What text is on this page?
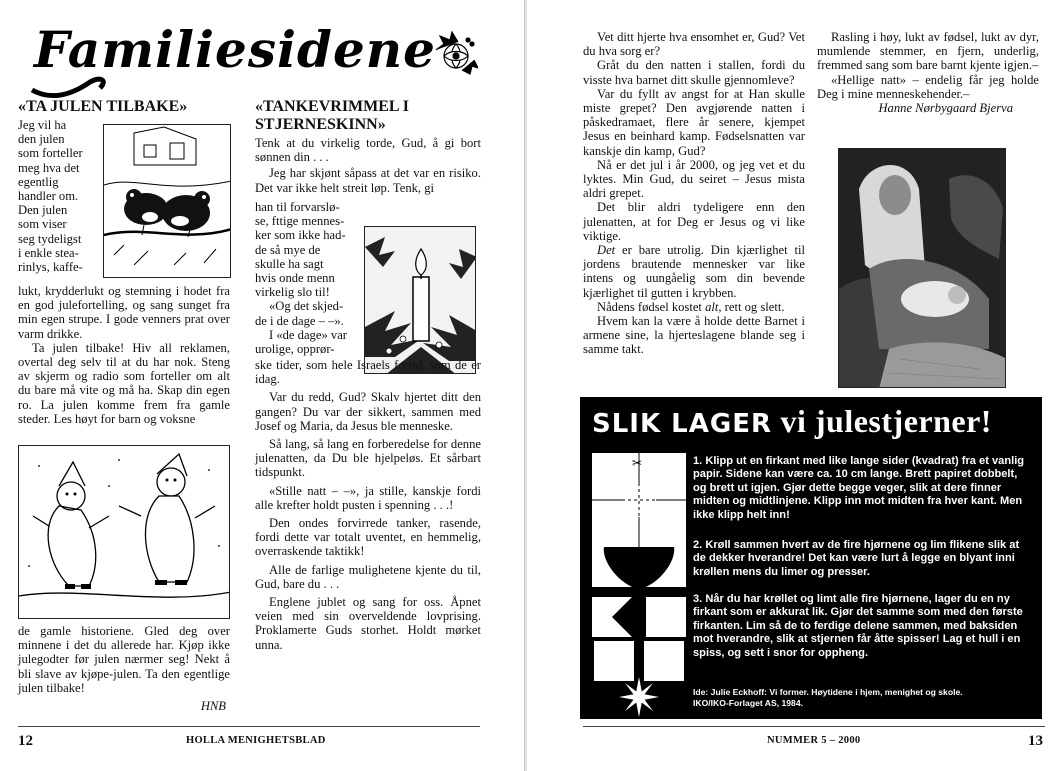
Familiesidene
«TA JULEN TILBAKE»
Jeg vil ha
den julen
som forteller
meg hva det
egentlig
handler om.
Den julen
som viser
seg tydeligst
i enkle stea-
rinlys, kaffe-

lukt, krydderlukt og stemning i hodet fra en god julefortelling, og sang sunget fra min egen strupe. I gode venners prat over varm drikke.

Ta julen tilbake! Hiv all reklamen, overtal deg selv til at du har nok. Steng av skjerm og radio som forteller om alt du bare må vite og må ha. Skap din egen ro. La julen komme frem fra gamle steder. Les høyt for barn og voksne

de gamle historiene. Gled deg over minnene i det du allerede har. Kjøp ikke julegodter før julen nærmer seg! Nekt å bli slave av kjøpe-julen. Ta den egentlige julen tilbake!

HNB
«TANKEVRIMMEL I STJERNESKINN»

Tenk at du virkelig torde, Gud, å gi bort sønnen din . . .

Jeg har skjønt såpass at det var en risiko. Det var ikke helt streit løp. Tenk, gi

han til forvarslø-
se, fttige mennes-
ker som ikke had-
de så mye de
skulle ha sagt
hvis onde menn
virkelig slo til!
«Og det skjed-
de i de dage – –».
I «de dage» var
urolige, opprør-

ske tider, som hele Israels fortid, som de er idag.

Var du redd, Gud? Skalv hjertet ditt den gangen? Du var der sikkert, sammen med Josef og Maria, da Jesus ble menneske.

Så lang, så lang en forberedelse for denne julenatten, da Du ble hjelpeløs. Et sårbart tidspunkt.

«Stille natt – –», ja stille, kanskje fordi alle krefter holdt pusten i spenning . . .!

Den ondes forvirrede tanker, rasende, fordi dette var totalt uventet, en hemmelig, overraskende taktikk!

Alle de farlige mulighetene kjente du til, Gud, bare du . . .

Englene jublet og sang for oss. Åpnet veien med sin overveldende lovprising. Proklamerte Guds storhet. Holdt mørket unna.

12	HOLLA MENIGHETSBLAD

Vet ditt hjerte hva ensomhet er, Gud? Vet du hva sorg er?

Gråt du den natten i stallen, fordi du visste hva barnet ditt skulle gjennomleve?

Var du fyllt av angst for at Han skulle miste grepet? Den avgjørende natten i påskedramaet, flere år senere, kjempet Jesus en beinhard kamp. Fødselsnatten var kanskje din kamp, Gud?

Nå er det jul i år 2000, og jeg vet et du lyktes. Min Gud, du seiret – Jesus mista aldri grepet.

Det blir aldri tydeligere enn den julenatten, at for Deg er Jesus og vi like viktige.

Det er bare utrolig. Din kjærlighet til jordens brautende mennesker var like intens og uungåelig som din bevende kjærlighet til gutten i krybben.

Nådens fødsel kostet alt, rett og slett.

Hvem kan la være å holde dette Barnet i armene sine, la hjerteslagene blande seg i samme takt.

Rasling i høy, lukt av fødsel, lukt av dyr, mumlende stemmer, en fjern, underlig, fremmed sang som bare barnt kjente igjen.–

«Hellige natt» – endelig får jeg holde Deg i mine menneskehender.–

Hanne Nørbygaard Bjerva
SLIK LAGER vi julestjerner!
✂	1. Klipp ut en firkant med like lange sider (kvadrat) fra et vanlig papir. Sidene kan være ca. 10 cm lange. Brett papiret dobbelt, og brett ut igjen. Gjør dette begge veger, slik at dere finner midten og midtlinjene. Klipp inn mot midten fra hver kant. Men ikke klipp helt inn!
2. Krøll sammen hvert av de fire hjørnene og lim flikene slik at de dekker hverandre! Det kan være lurt å legge en blyant inni krøllen mens du limer og presser.
3. Når du har krøllet og limt alle fire hjørnene, lager du en ny firkant som er akkurat lik. Gjør det samme som med den første firkanten. Lim så de to ferdige delene sammen, med baksiden mot hverandre, slik at stjernen får åtte spisser! Lag et hull i en spiss, og sett i snor for oppheng.
Ide: Julie Eckhoff: Vi former. Høytidene i hjem, menighet og skole.
IKO/IKO-Forlaget AS, 1984.
NUMMER 5 – 2000	13
